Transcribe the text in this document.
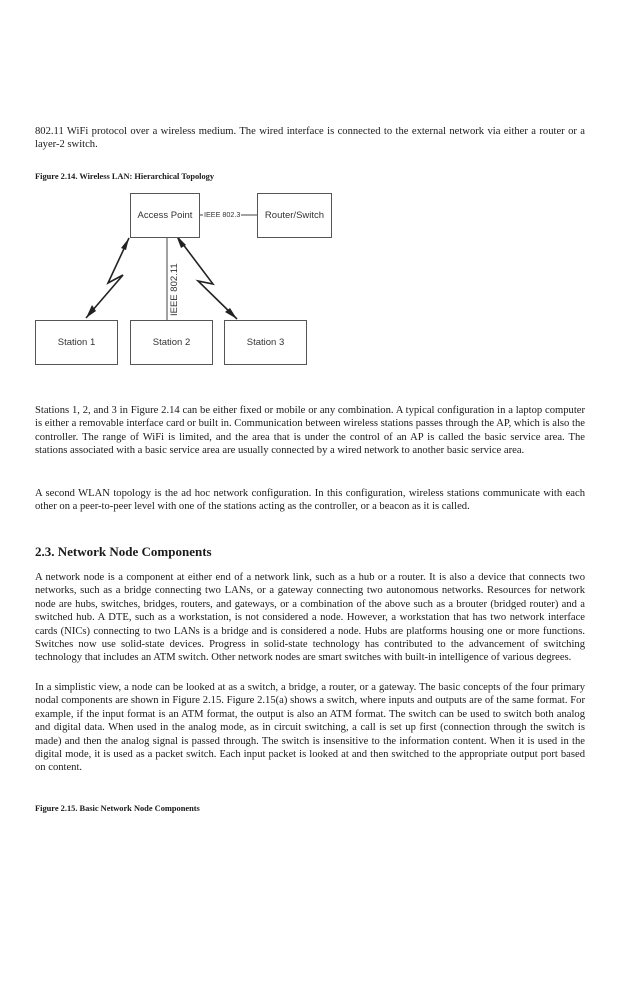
802.11 WiFi protocol over a wireless medium. The wired interface is connected to the external network via either a router or a layer-2 switch.

Figure 2.14. Wireless LAN: Hierarchical Topology

Access Point	IEEE 802.3	Router/Switch
IEEE 802.11
Station 1	Station 2	Station 3

Stations 1, 2, and 3 in Figure 2.14 can be either fixed or mobile or any combination. A typical configuration in a laptop computer is either a removable interface card or built in. Communication between wireless stations passes through the AP, which is also the controller. The range of WiFi is limited, and the area that is under the control of an AP is called the basic service area. The stations associated with a basic service area are usually connected by a wired network to another basic service area.

A second WLAN topology is the ad hoc network configuration. In this configuration, wireless stations communicate with each other on a peer-to-peer level with one of the stations acting as the controller, or a beacon as it is called.

2.3. Network Node Components

A network node is a component at either end of a network link, such as a hub or a router. It is also a device that connects two networks, such as a bridge connecting two LANs, or a gateway connecting two autonomous networks. Resources for network node are hubs, switches, bridges, routers, and gateways, or a combination of the above such as a brouter (bridged router) and a switched hub. A DTE, such as a workstation, is not considered a node. However, a workstation that has two network interface cards (NICs) connecting to two LANs is a bridge and is considered a node. Hubs are platforms housing one or more functions. Switches now use solid-state devices. Progress in solid-state technology has contributed to the advancement of switching technology that includes an ATM switch. Other network nodes are smart switches with built-in intelligence of various degrees.

In a simplistic view, a node can be looked at as a switch, a bridge, a router, or a gateway. The basic concepts of the four primary nodal components are shown in Figure 2.15. Figure 2.15(a) shows a switch, where inputs and outputs are of the same format. For example, if the input format is an ATM format, the output is also an ATM format. The switch can be used to switch both analog and digital data. When used in the analog mode, as in circuit switching, a call is set up first (connection through the switch is made) and then the analog signal is passed through. The switch is insensitive to the information content. When it is used in the digital mode, it is used as a packet switch. Each input packet is looked at and then switched to the appropriate output port based on content.

Figure 2.15. Basic Network Node Components
